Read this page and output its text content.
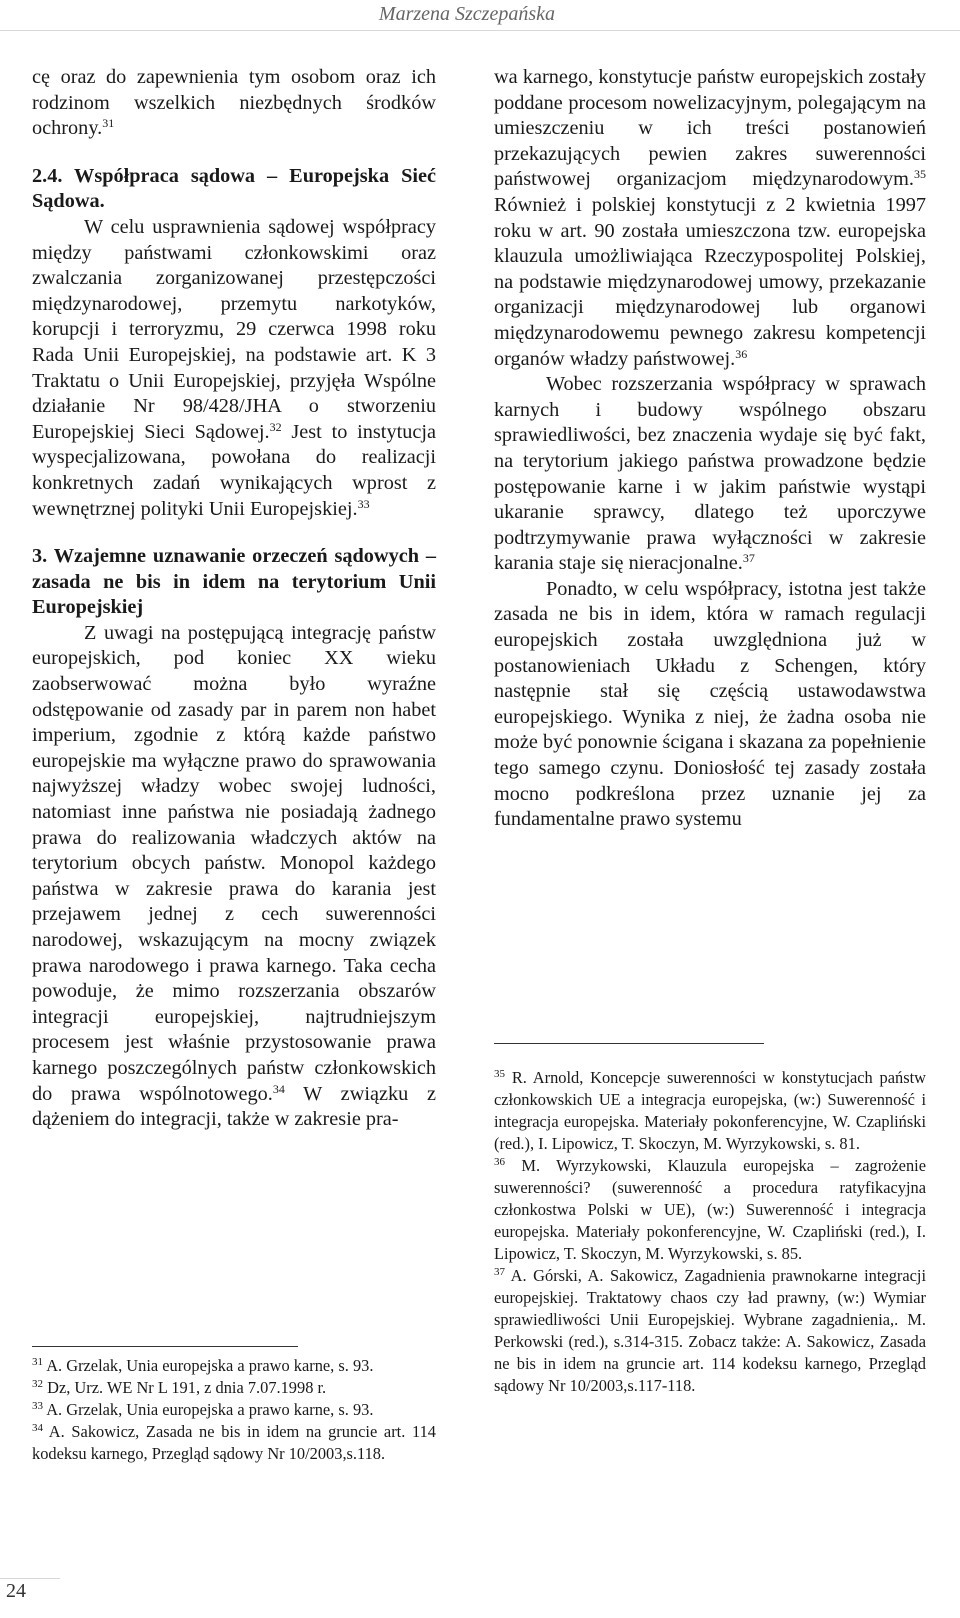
Marzena Szczepańska

cę oraz do zapewnienia tym osobom oraz ich rodzinom wszelkich niezbędnych środków ochrony.$^{31}$

2.4. Współpraca sądowa – Europejska Sieć Sądowa.

W celu usprawnienia sądowej współpracy między państwami członkowskimi oraz zwalczania zorganizowanej przestępczości międzynarodowej, przemytu narkotyków, korupcji i terroryzmu, 29 czerwca 1998 roku Rada Unii Europejskiej, na podstawie art. K 3 Traktatu o Unii Europejskiej, przyjęła Wspólne działanie Nr 98/428/JHA o stworzeniu Europejskiej Sieci Sądowej.$^{32}$ Jest to instytucja wyspecjalizowana, powołana do realizacji konkretnych zadań wynikających wprost z wewnętrznej polityki Unii Europejskiej.$^{33}$

3. Wzajemne uznawanie orzeczeń sądowych – zasada ne bis in idem na terytorium Unii Europejskiej

Z uwagi na postępującą integrację państw europejskich, pod koniec XX wieku zaobserwować można było wyraźne odstępowanie od zasady par in parem non habet imperium, zgodnie z którą każde państwo europejskie ma wyłączne prawo do sprawowania najwyższej władzy wobec swojej ludności, natomiast inne państwa nie posiadają żadnego prawa do realizowania władczych aktów na terytorium obcych państw. Monopol każdego państwa w zakresie prawa do karania jest przejawem jednej z cech suwerenności narodowej, wskazującym na mocny związek prawa narodowego i prawa karnego. Taka cecha powoduje, że mimo rozszerzania obszarów integracji europejskiej, najtrudniejszym procesem jest właśnie przystosowanie prawa karnego poszczególnych państw członkowskich do prawa wspólnotowego.$^{34}$ W związku z dążeniem do integracji, także w zakresie pra-

wa karnego, konstytucje państw europejskich zostały poddane procesom nowelizacyjnym, polegającym na umieszczeniu w ich treści postanowień przekazujących pewien zakres suwerenności państwowej organizacjom międzynarodowym.$^{35}$ Również i polskiej konstytucji z 2 kwietnia 1997 roku w art. 90 została umieszczona tzw. europejska klauzula umożliwiająca Rzeczypospolitej Polskiej, na podstawie międzynarodowej umowy, przekazanie organizacji międzynarodowej lub organowi międzynarodowemu pewnego zakresu kompetencji organów władzy państwowej.$^{36}$

Wobec rozszerzania współpracy w sprawach karnych i budowy wspólnego obszaru sprawiedliwości, bez znaczenia wydaje się być fakt, na terytorium jakiego państwa prowadzone będzie postępowanie karne i w jakim państwie wystąpi ukaranie sprawcy, dlatego też uporczywe podtrzymywanie prawa wyłączności w zakresie karania staje się nieracjonalne.$^{37}$

Ponadto, w celu współpracy, istotna jest także zasada ne bis in idem, która w ramach regulacji europejskich została uwzględniona już w postanowieniach Układu z Schengen, który następnie stał się częścią ustawodawstwa europejskiego. Wynika z niej, że żadna osoba nie może być ponownie ścigana i skazana za popełnienie tego samego czynu. Doniosłość tej zasady została mocno podkreślona przez uznanie jej za fundamentalne prawo systemu

$^{31}$ A. Grzelak, Unia europejska a prawo karne, s. 93.

$^{32}$ Dz, Urz. WE Nr L 191, z dnia 7.07.1998 r.

$^{33}$ A. Grzelak, Unia europejska a prawo karne, s. 93.

$^{34}$ A. Sakowicz, Zasada ne bis in idem na gruncie art. 114 kodeksu karnego, Przegląd sądowy Nr 10/2003,s.118.

$^{35}$ R. Arnold, Koncepcje suwerenności w konstytucjach państw członkowskich UE a integracja europejska, (w:) Suwerenność i integracja europejska. Materiały pokonferencyjne, W. Czapliński (red.), I. Lipowicz, T. Skoczyn, M. Wyrzykowski, s. 81.

$^{36}$ M. Wyrzykowski, Klauzula europejska – zagrożenie suwerenności? (suwerenność a procedura ratyfikacyjna członkostwa Polski w UE), (w:) Suwerenność i integracja europejska. Materiały pokonferencyjne, W. Czapliński (red.), I. Lipowicz, T. Skoczyn, M. Wyrzykowski, s. 85.

$^{37}$ A. Górski, A. Sakowicz, Zagadnienia prawnokarne integracji europejskiej. Traktatowy chaos czy ład prawny, (w:) Wymiar sprawiedliwości Unii Europejskiej. Wybrane zagadnienia,. M. Perkowski (red.), s.314-315. Zobacz także: A. Sakowicz, Zasada ne bis in idem na gruncie art. 114 kodeksu karnego, Przegląd sądowy Nr 10/2003,s.117-118.

24
